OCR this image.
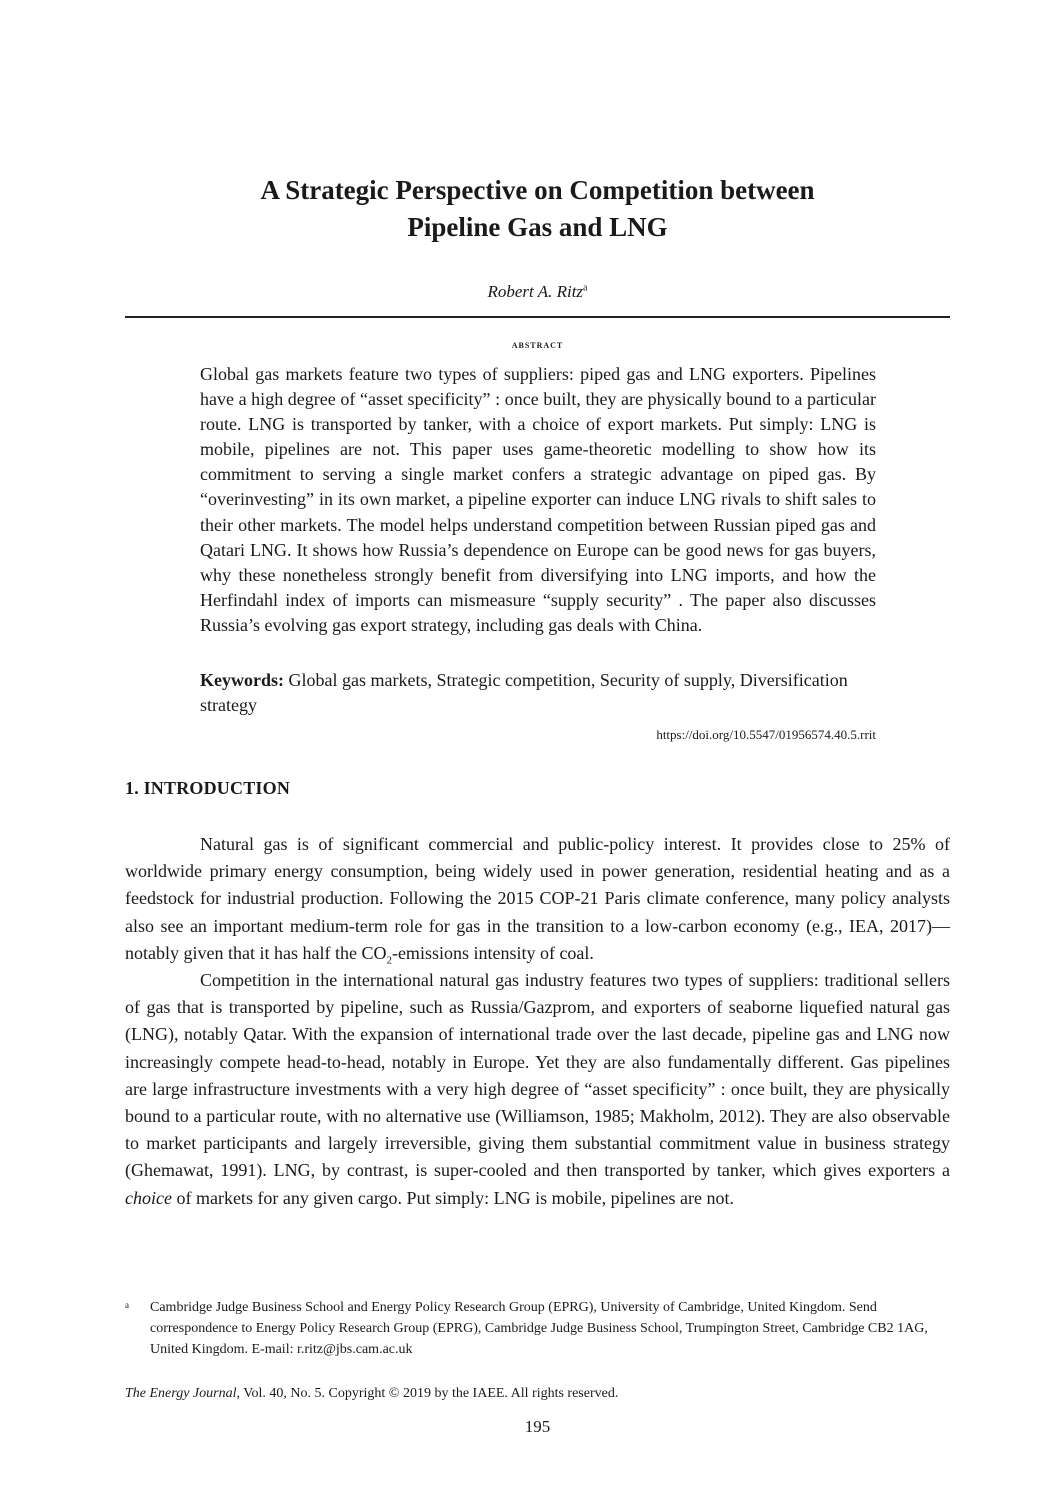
A Strategic Perspective on Competition between
Pipeline Gas and LNG
Robert A. Ritz$^a$
abstract

Global gas markets feature two types of suppliers: piped gas and LNG exporters. Pipelines have a high degree of “asset specificity” : once built, they are physically bound to a particular route. LNG is transported by tanker, with a choice of export markets. Put simply: LNG is mobile, pipelines are not. This paper uses game-theoretic modelling to show how its commitment to serving a single market confers a strategic advantage on piped gas. By “overinvesting” in its own market, a pipeline exporter can induce LNG rivals to shift sales to their other markets. The model helps understand competition between Russian piped gas and Qatari LNG. It shows how Russia’s dependence on Europe can be good news for gas buyers, why these nonetheless strongly benefit from diversifying into LNG imports, and how the Herfindahl index of imports can mismeasure “supply security” . The paper also discusses Russia’s evolving gas export strategy, including gas deals with China.

Keywords: Global gas markets, Strategic competition, Security of supply, Diversification strategy

https://doi.org/10.5547/01956574.40.5.rrit
1. INTRODUCTION

Natural gas is of significant commercial and public-policy interest. It provides close to 25% of worldwide primary energy consumption, being widely used in power generation, residential heating and as a feedstock for industrial production. Following the 2015 COP-21 Paris climate conference, many policy analysts also see an important medium-term role for gas in the transition to a low-carbon economy (e.g., IEA, 2017)—notably given that it has half the $CO_2$-emissions intensity of coal.

Competition in the international natural gas industry features two types of suppliers: traditional sellers of gas that is transported by pipeline, such as Russia/Gazprom, and exporters of seaborne liquefied natural gas (LNG), notably Qatar. With the expansion of international trade over the last decade, pipeline gas and LNG now increasingly compete head-to-head, notably in Europe. Yet they are also fundamentally different. Gas pipelines are large infrastructure investments with a very high degree of “asset specificity” : once built, they are physically bound to a particular route, with no alternative use (Williamson, 1985; Makholm, 2012). They are also observable to market participants and largely irreversible, giving them substantial commitment value in business strategy (Ghemawat, 1991). LNG, by contrast, is super-cooled and then transported by tanker, which gives exporters a choice of markets for any given cargo. Put simply: LNG is mobile, pipelines are not.

a Cambridge Judge Business School and Energy Policy Research Group (EPRG), University of Cambridge, United Kingdom. Send correspondence to Energy Policy Research Group (EPRG), Cambridge Judge Business School, Trumpington Street, Cambridge CB2 1AG, United Kingdom. E-mail: r.ritz@jbs.cam.ac.uk
The Energy Journal, Vol. 40, No. 5. Copyright © 2019 by the IAEE. All rights reserved.
195
